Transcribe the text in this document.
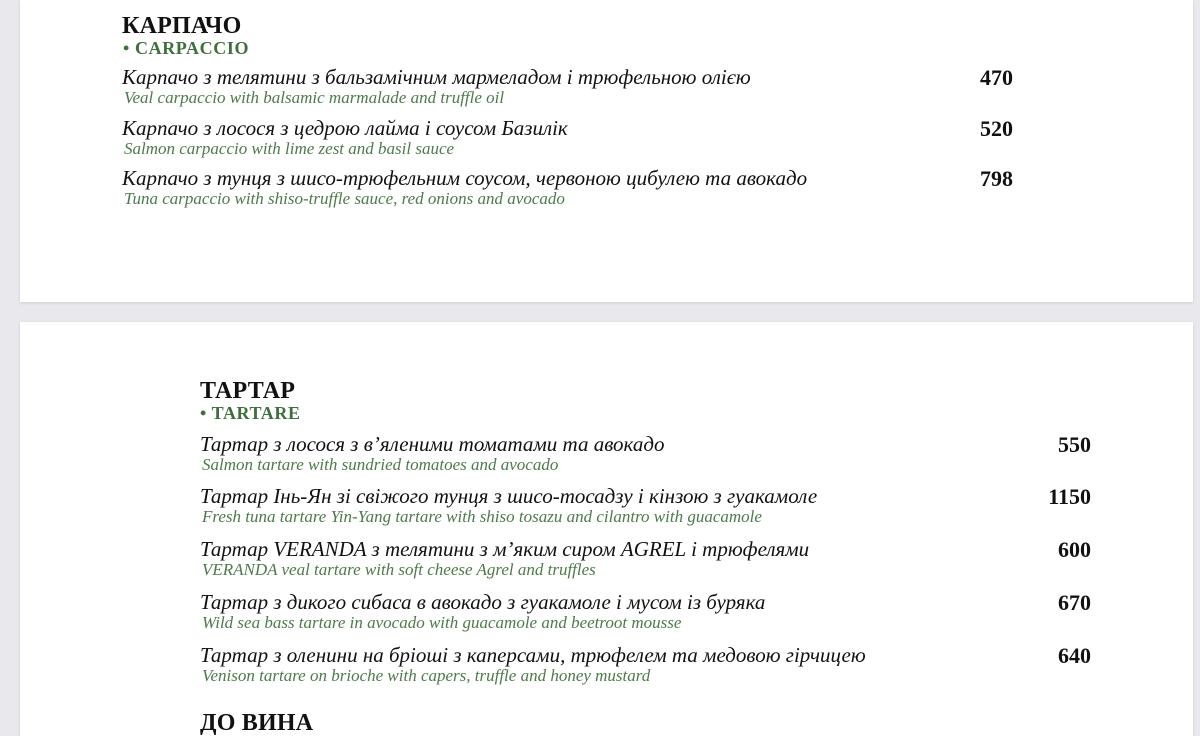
КАРПАЧО
• CARPACCIO
Карпачо з телятини з бальзамічним мармеладом і трюфельною олією
Veal carpaccio with balsamic marmalade and truffle oil
470
Карпачо з лосося з цедрою лайма і соусом Базилік
Salmon carpaccio with lime zest and basil sauce
520
Карпачо з тунця з шисо-трюфельним соусом, червоною цибулею та авокадо
Tuna carpaccio with shiso-truffle sauce, red onions and avocado
798
ТАРТАР
• TARTARE
Тартар з лосося з в’яленими томатами та авокадо
Salmon tartare with sundried tomatoes and avocado
550
Тартар Інь-Ян зі свіжого тунця з шисо-тосадзу і кінзою з гуакамоле
Fresh tuna tartare Yin-Yang tartare with shiso tosazu and cilantro with guacamole
1150
Тартар VERANDA з телятини з м’яким сиром AGREL і трюфелями
VERANDA veal tartare with soft cheese Agrel and truffles
600
Тартар з дикого сибаса в авокадо з гуакамоле і мусом із буряка
Wild sea bass tartare in avocado with guacamole and beetroot mousse
670
Тартар з оленини на бріоші з каперсами, трюфелем та медовою гірчицею
Venison tartare on brioche with capers, truffle and honey mustard
640
ДО ВИНА
